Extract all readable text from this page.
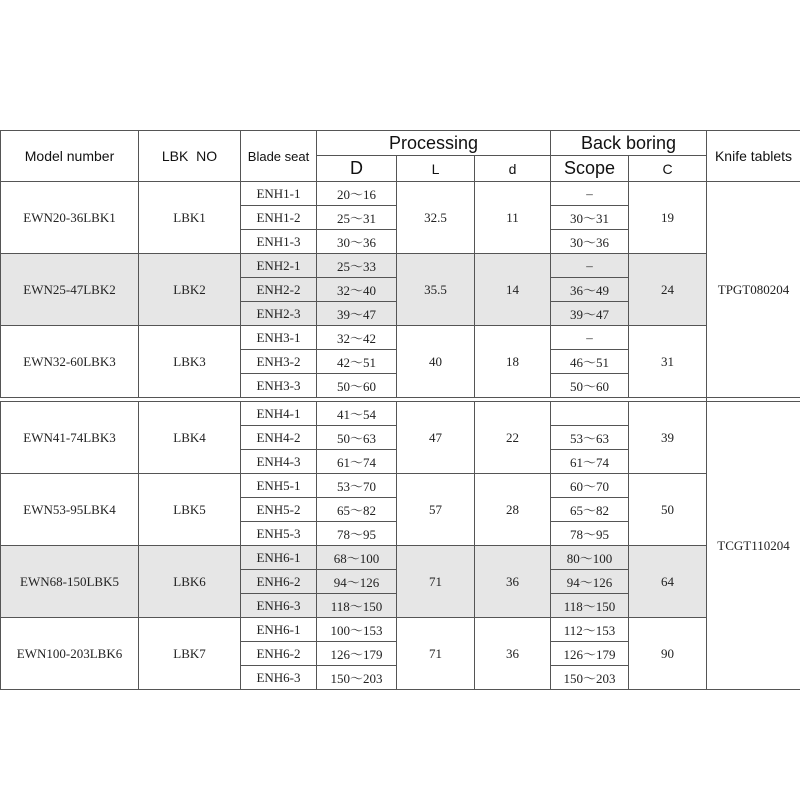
Model number	LBK  NO	Blade seat	Processing			Back boring		Knife tablets
			D	L	d	Scope	C	
EWN20-36LBK1	LBK1	ENH1-1	20～16	32.5	11	–	19	TPGT080204
		ENH1-2	25～31			30～31		
		ENH1-3	30～36			30～36		
EWN25-47LBK2	LBK2	ENH2-1	25～33	35.5	14	–	24	
		ENH2-2	32～40			36～49		
		ENH2-3	39～47			39～47		
EWN32-60LBK3	LBK3	ENH3-1	32～42	40	18	–	31	
		ENH3-2	42～51			46～51		
		ENH3-3	50～60			50～60		

EWN41-74LBK3	LBK4	ENH4-1	41～54	47	22		39	TCGT110204
		ENH4-2	50～63			53～63		
		ENH4-3	61～74			61～74		
EWN53-95LBK4	LBK5	ENH5-1	53～70	57	28	60～70	50	
		ENH5-2	65～82			65～82		
		ENH5-3	78～95			78～95		
EWN68-150LBK5	LBK6	ENH6-1	68～100	71	36	80～100	64	
		ENH6-2	94～126			94～126		
		ENH6-3	118～150			118～150		
EWN100-203LBK6	LBK7	ENH6-1	100～153	71	36	112～153	90	
		ENH6-2	126～179			126～179		
		ENH6-3	150～203			150～203		
